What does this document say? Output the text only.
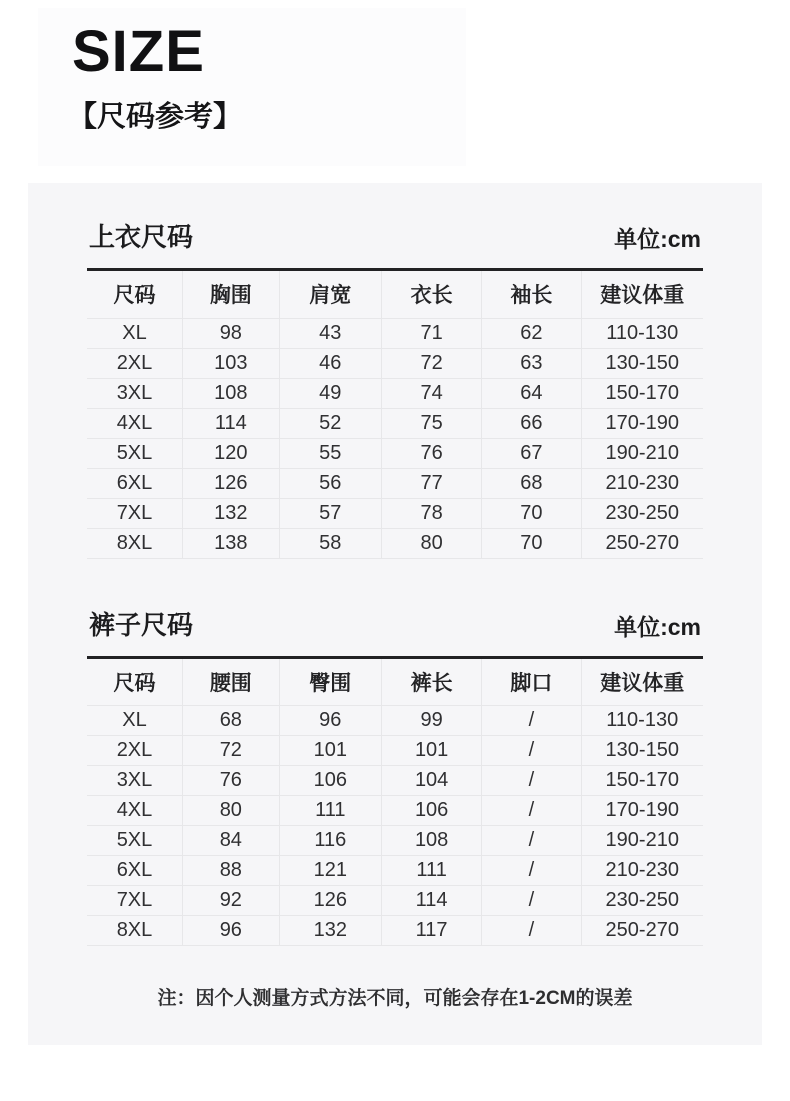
SIZE
【尺码参考】
上衣尺码	单位:cm
尺码	胸围	肩宽	衣长	袖长	建议体重
XL	98	43	71	62	110-130
2XL	103	46	72	63	130-150
3XL	108	49	74	64	150-170
4XL	114	52	75	66	170-190
5XL	120	55	76	67	190-210
6XL	126	56	77	68	210-230
7XL	132	57	78	70	230-250
8XL	138	58	80	70	250-270
裤子尺码	单位:cm
尺码	腰围	臀围	裤长	脚口	建议体重
XL	68	96	99	/	110-130
2XL	72	101	101	/	130-150
3XL	76	106	104	/	150-170
4XL	80	111	106	/	170-190
5XL	84	116	108	/	190-210
6XL	88	121	111	/	210-230
7XL	92	126	114	/	230-250
8XL	96	132	117	/	250-270
注：因个人测量方式方法不同，可能会存在1-2CM的误差
